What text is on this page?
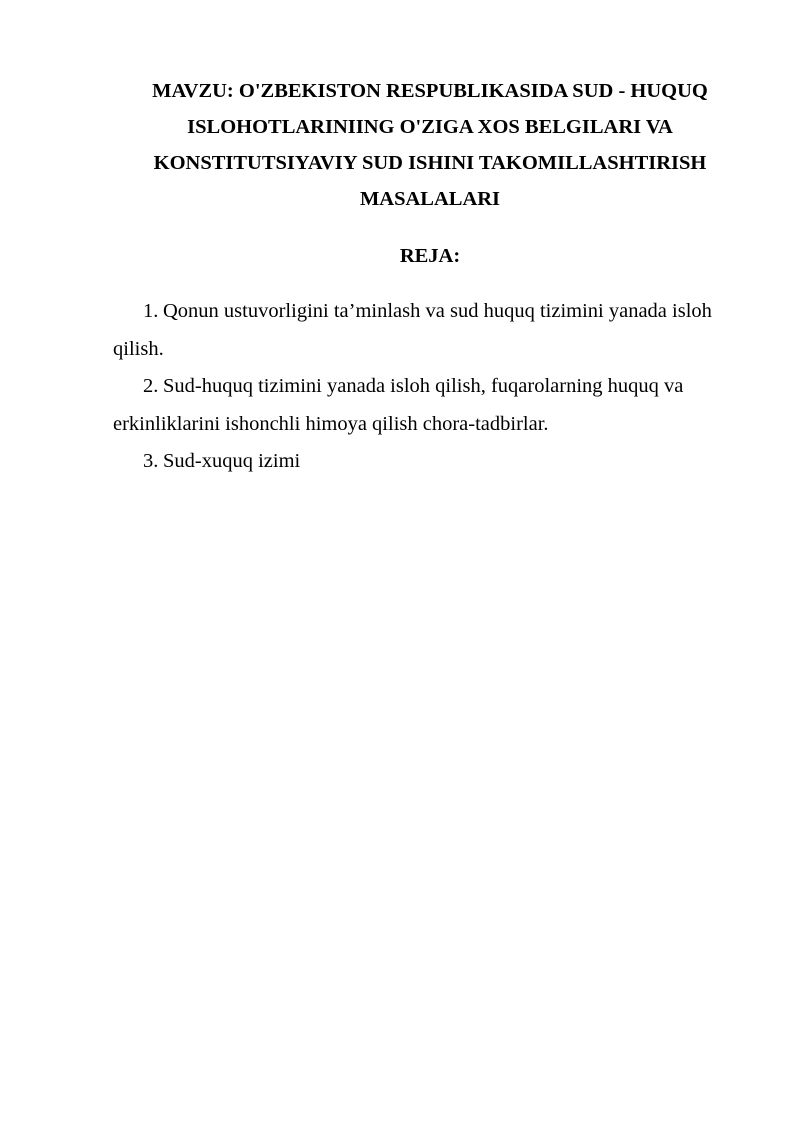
MAVZU: O'ZBEKISTON RESPUBLIKASIDA SUD - HUQUQ
ISLOHOTLARINIING O'ZIGA XOS BELGILARI VA
KONSTITUTSIYAVIY SUD ISHINI TAKOMILLASHTIRISH
MASALALARI
REJA:
1. Qonun ustuvorligini ta’minlash va sud huquq tizimini yanada isloh
qilish.
2. Sud-huquq tizimini yanada isloh qilish, fuqarolarning huquq va
erkinliklarini ishonchli himoya qilish chora-tadbirlar.
3. Sud-xuquq izimi
